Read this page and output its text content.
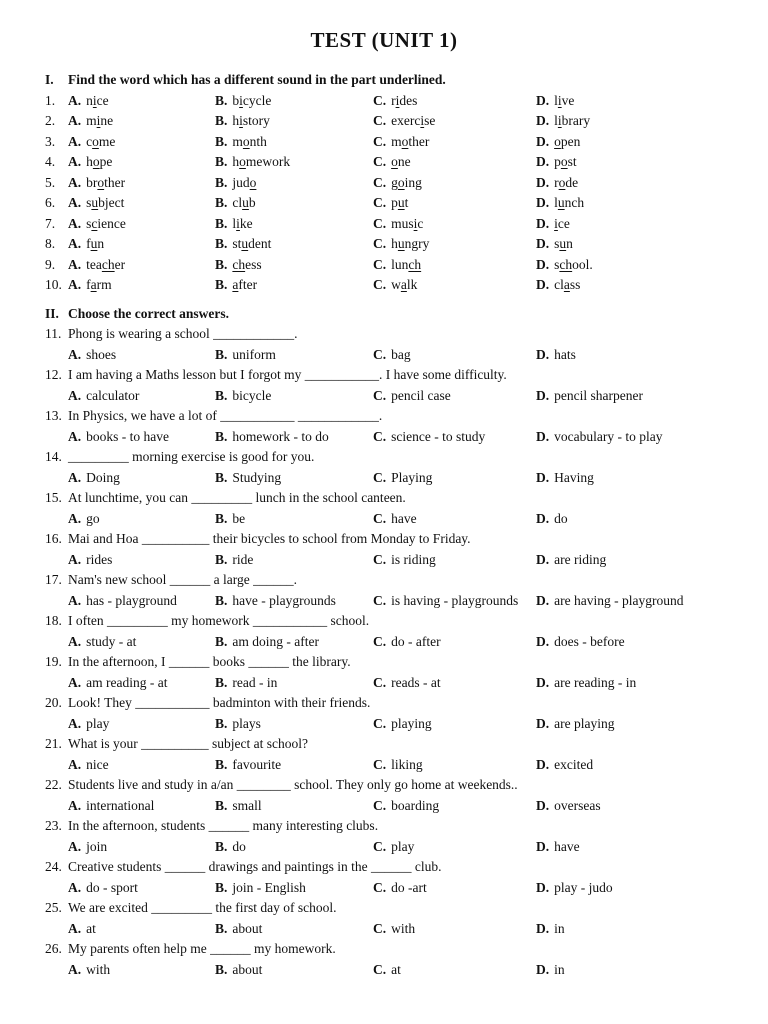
TEST (UNIT 1)
I. Find the word which has a different sound in the part underlined.
1. A. nice	B. bicycle	C. rides	D. live
2. A. mine	B. history	C. exercise	D. library
3. A. come	B. month	C. mother	D. open
4. A. hope	B. homework	C. one	D. post
5. A. brother	B. judo	C. going	D. rode
6. A. subject	B. club	C. put	D. lunch
7. A. science	B. like	C. music	D. ice
8. A. fun	B. student	C. hungry	D. sun
9. A. teacher	B. chess	C. lunch	D. school.
10. A. farm	B. after	C. walk	D. class
II. Choose the correct answers.
11. Phong is wearing a school ____________.
A. shoes	B. uniform	C. bag	D. hats
12. I am having a Maths lesson but I forgot my ___________. I have some difficulty.
A. calculator	B. bicycle	C. pencil case	D. pencil sharpener
13. In Physics, we have a lot of ___________ ____________.
A. books - to have	B. homework - to do	C. science - to study	D. vocabulary - to play
14. _________ morning exercise is good for you.
A. Doing	B. Studying	C. Playing	D. Having
15. At lunchtime, you can _________ lunch in the school canteen.
A. go	B. be	C. have	D. do
16. Mai and Hoa __________ their bicycles to school from Monday to Friday.
A. rides	B. ride	C. is riding	D. are riding
17. Nam's new school ______ a large ______.
A. has - playground	B. have - playgrounds	C. is having - playgrounds D. are having - playground
18. I often _________ my homework ___________ school.
A. study - at	B. am doing - after	C. do - after	D. does - before
19. In the afternoon, I ______ books ______ the library.
A. am reading - at	B. read - in	C. reads - at	D. are reading - in
20. Look! They ___________ badminton with their friends.
A. play	B. plays	C. playing	D. are playing
21. What is your __________ subject at school?
A. nice	B. favourite	C. liking	D. excited
22. Students live and study in a/an ________ school. They only go home at weekends..
A. international	B. small	C. boarding	D. overseas
23. In the afternoon, students ______ many interesting clubs.
A. join	B. do	C. play	D. have
24. Creative students ______ drawings and paintings in the ______ club.
A. do - sport	B. join - English	C. do -art	D. play - judo
25. We are excited _________ the first day of school.
A. at	B. about	C. with	D. in
26. My parents often help me ______ my homework.
A. with	B. about	C. at	D. in
